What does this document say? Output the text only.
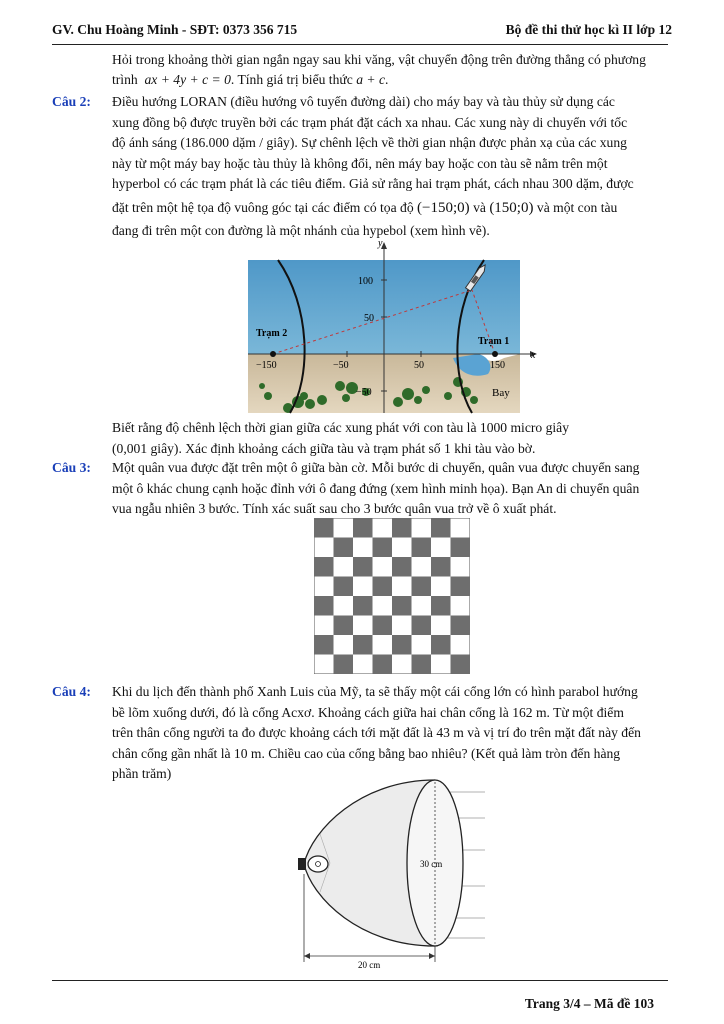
GV. Chu Hoàng Minh - SĐT: 0373 356 715	Bộ đề thi thử học kì II lớp 12
Hỏi trong khoảng thời gian ngắn ngay sau khi văng, vật chuyển động trên đường thẳng có phương
trình ax + 4y + c = 0. Tính giá trị biểu thức a + c.
Câu 2: Điều hướng LORAN (điều hướng vô tuyến đường dài) cho máy bay và tàu thủy sử dụng các
xung đồng bộ được truyền bởi các trạm phát đặt cách xa nhau. Các xung này di chuyển với tốc
độ ánh sáng (186.000 dặm / giây). Sự chênh lệch về thời gian nhận được phản xạ của các xung
này từ một máy bay hoặc tàu thủy là không đổi, nên máy bay hoặc con tàu sẽ nằm trên một
hyperbol có các trạm phát là các tiêu điểm. Giả sử rằng hai trạm phát, cách nhau 300 dặm, được
đặt trên một hệ tọa độ vuông góc tại các điểm có tọa độ (−150;0) và (150;0) và một con tàu
đang đi trên một con đường là một nhánh của hypebol (xem hình vẽ).
y
x
100
50
−50
−150	−50	50	150
Trạm 2
Trạm 1
Bay
Biết rằng độ chênh lệch thời gian giữa các xung phát với con tàu là 1000 micro giây
(0,001 giây). Xác định khoảng cách giữa tàu và trạm phát số 1 khi tàu vào bờ.
Câu 3: Một quân vua được đặt trên một ô giữa bàn cờ. Mỗi bước di chuyển, quân vua được chuyển sang
một ô khác chung cạnh hoặc đỉnh với ô đang đứng (xem hình minh họa). Bạn An di chuyển quân
vua ngẫu nhiên 3 bước. Tính xác suất sau cho 3 bước quân vua trở về ô xuất phát.
Câu 4: Khi du lịch đến thành phố Xanh Luis của Mỹ, ta sẽ thấy một cái cổng lớn có hình parabol hướng
bề lõm xuống dưới, đó là cổng Acxơ. Khoảng cách giữa hai chân cổng là 162 m. Từ một điểm
trên thân cổng người ta đo được khoảng cách tới mặt đất là 43 m và vị trí đo trên mặt đất này đến
chân cổng gần nhất là 10 m. Chiều cao của cổng bằng bao nhiêu? (Kết quả làm tròn đến hàng
phần trăm)
30 cm
20 cm
Trang 3/4 – Mã đề 103
